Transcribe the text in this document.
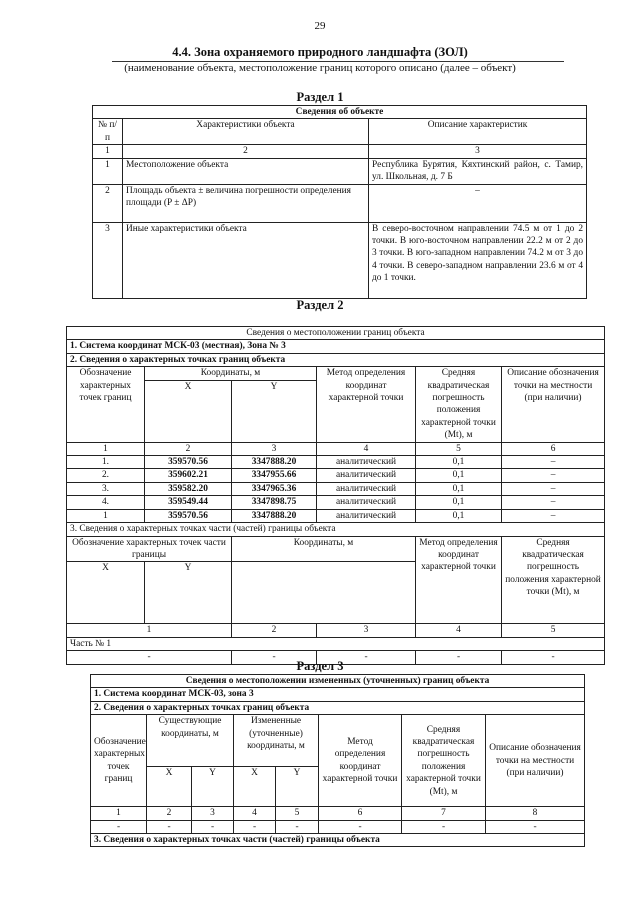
29
4.4. Зона охраняемого природного ландшафта (ЗОЛ)
(наименование объекта, местоположение границ которого описано (далее – объект)
Раздел 1
Сведения об объекте		
№ п/п	Характеристики объекта	Описание характеристик
1	2	3
1	Местоположение объекта	Республика Бурятия, Кяхтинский район, с. Тамир, ул. Школьная, д. 7 Б
2	Площадь объекта ± величина погрешности определения площади (P ± ΔP)	–
3	Иные характеристики объекта	В северо-восточном направлении 74.5 м от 1 до 2 точки. В юго-восточном направлении 22.2 м от 2 до 3 точки. В юго-западном направлении 74.2 м от 3 до 4 точки. В северо-западном направлении 23.6 м от 4 до 1 точки.
Раздел 2
Сведения о местоположении границ объекта						
1. Система координат МСК-03 (местная), Зона № 3						
2. Сведения о характерных точках границ объекта						
Обозначение характерных точек границ	Координаты, м		Метод определения координат характерной точки	Средняя квадратическая погрешность положения характерной точки (Mt), м	Описание обозначения точки на местности (при наличии)	
	X	Y				
1	2	3	4	5	6	
1.	359570.56	3347888.20	аналитический	0,1	–	
2.	359602.21	3347955.66	аналитический	0,1	–	
3.	359582.20	3347965.36	аналитический	0,1	–	
4.	359549.44	3347898.75	аналитический	0,1	–	
1	359570.56	3347888.20	аналитический	0,1	–	
3. Сведения о характерных точках части (частей) границы объекта						
Обозначение характерных точек части границы		Координаты, м		Метод определения координат характерной точки	Средняя квадратическая погрешность положения характерной точки (Mt), м	
X	Y					
1		2	3	4	5	
Часть № 1						
-		-	-	-	-	
Раздел 3
Сведения о местоположении измененных (уточненных) границ объекта							
1. Система координат МСК-03, зона 3							
2. Сведения о характерных точках границ объекта							
Обозначение характерных точек границ	Существующие координаты, м		Измененные (уточненные) координаты, м		Метод определения координат характерной точки	Средняя квадратическая погрешность положения характерной точки (Mt), м	Описание обозначения точки на местности (при наличии)
	X	Y	X	Y			
1	2	3	4	5	6	7	8
-	-	-	-	-	-	-	-
3. Сведения о характерных точках части (частей) границы объекта							
